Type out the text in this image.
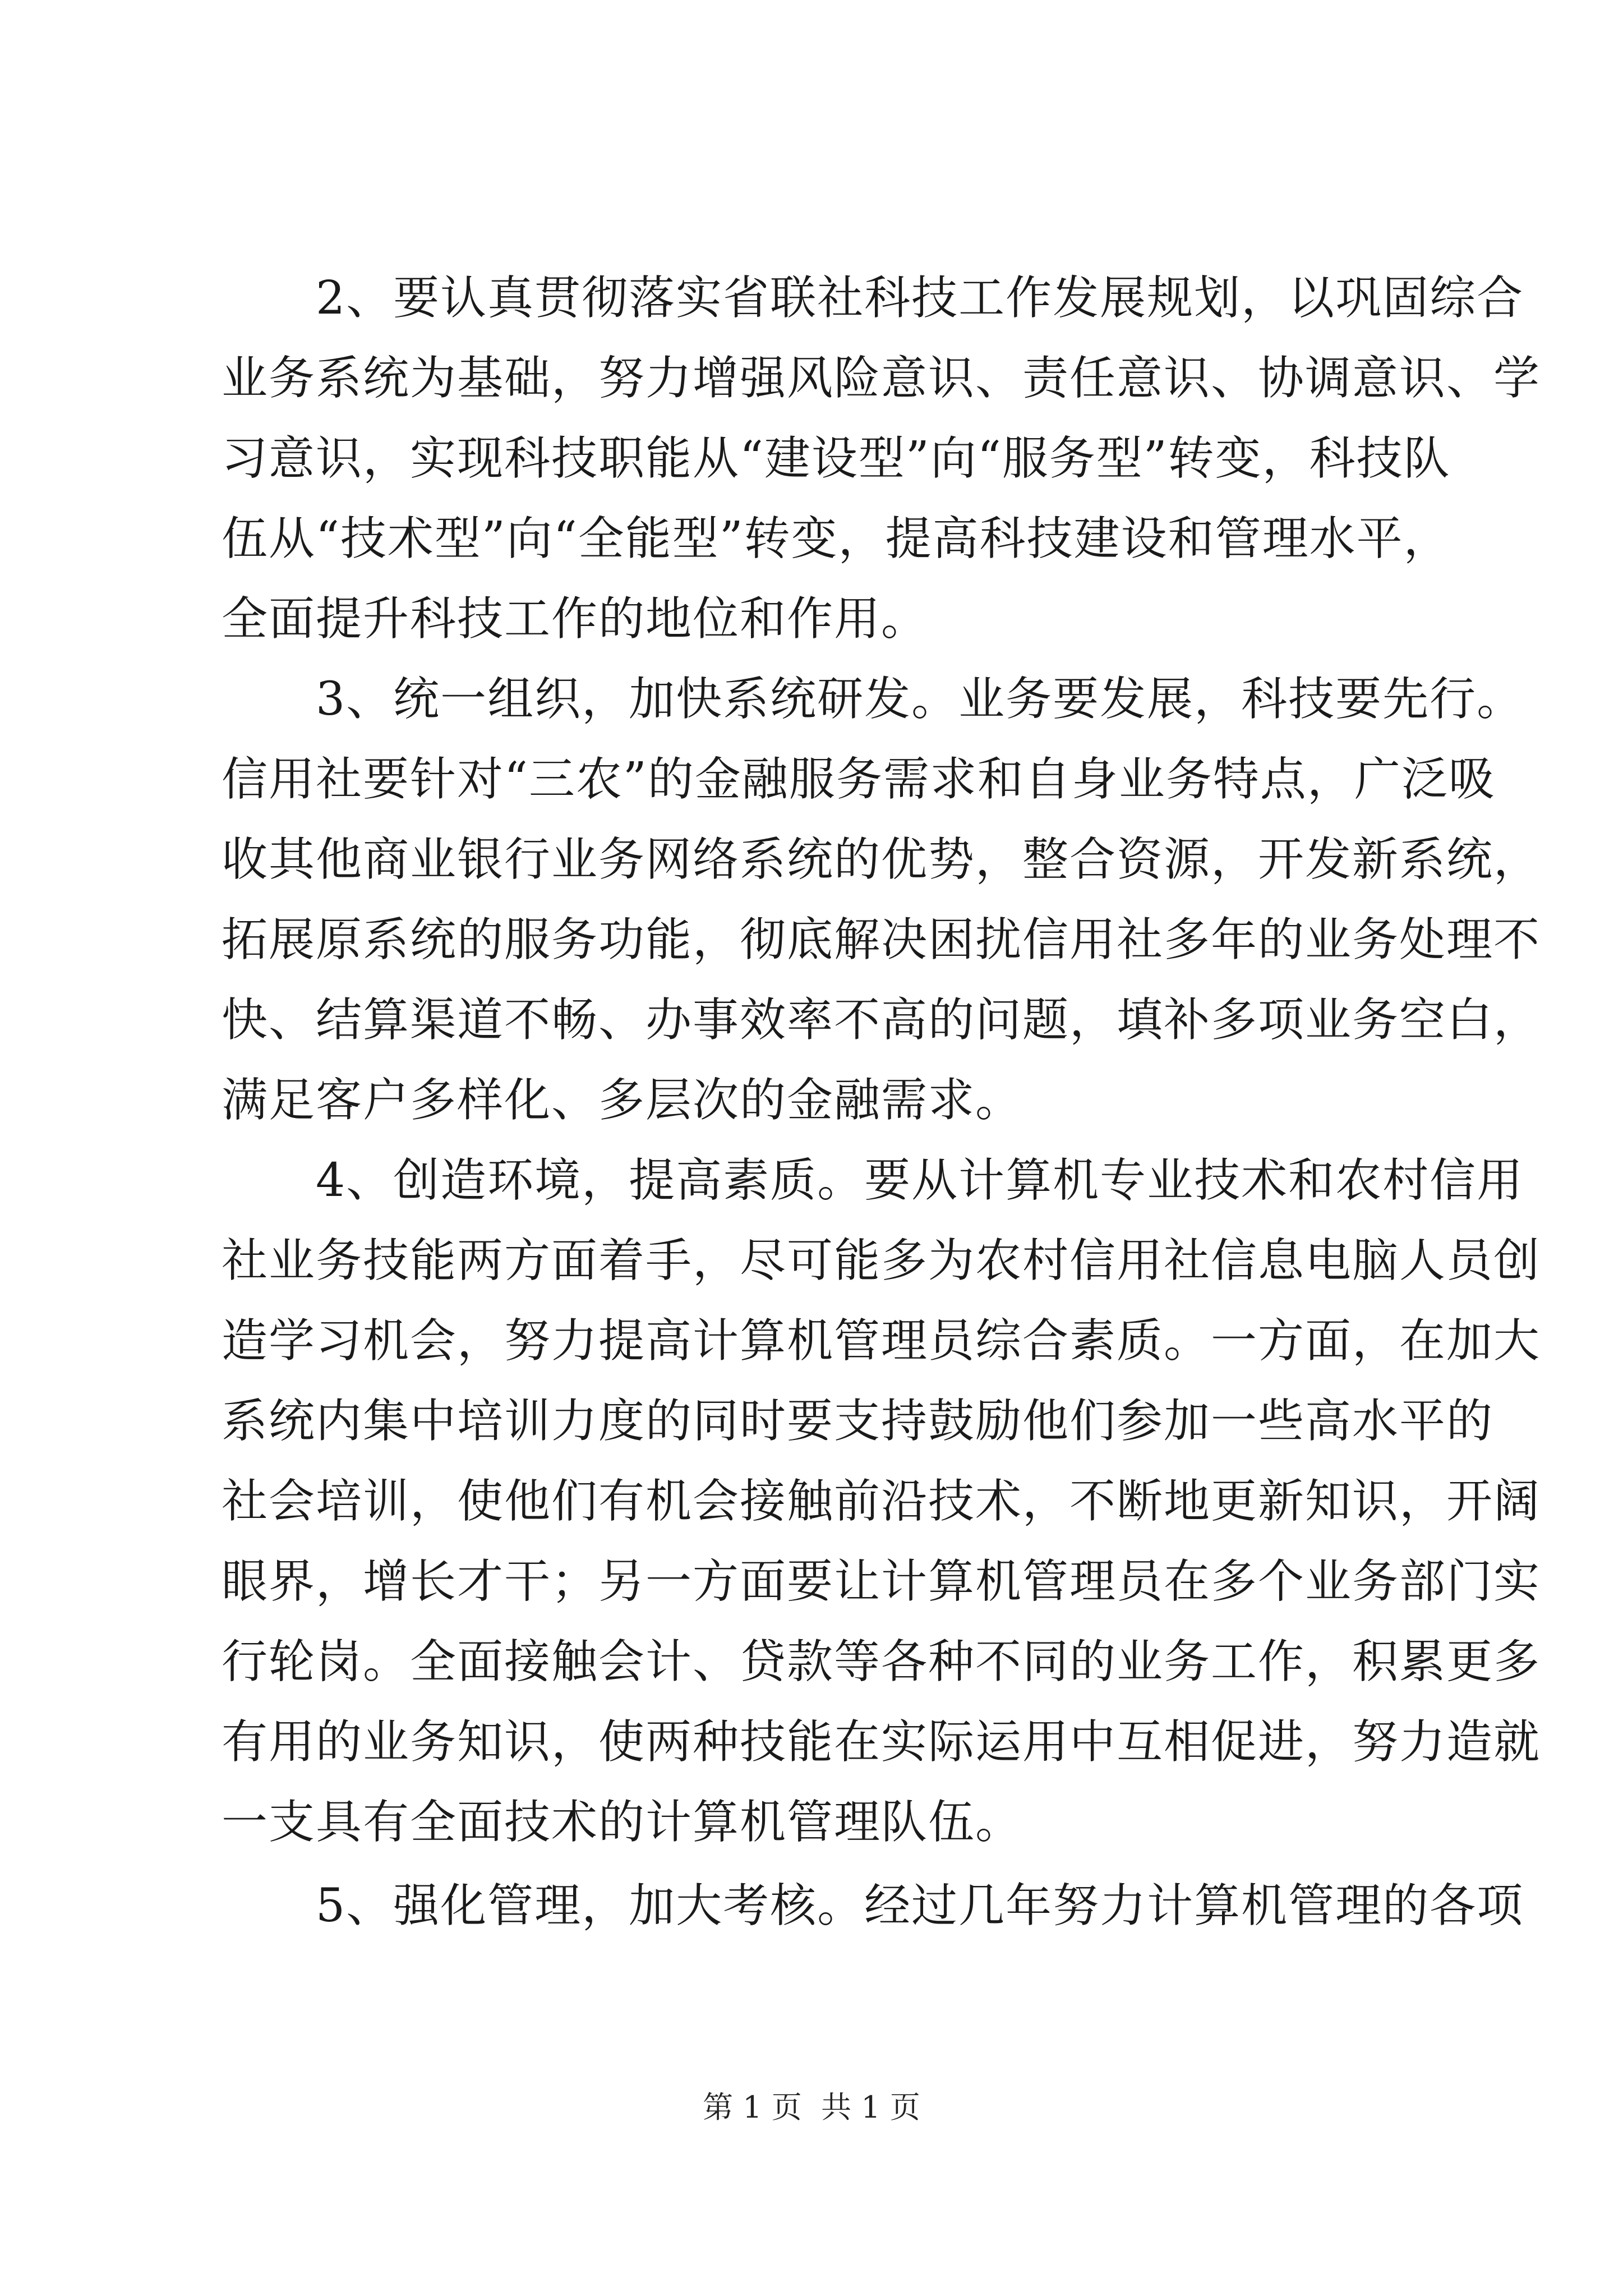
2、要认真贯彻落实省联社科技工作发展规划，以巩固综合
业务系统为基础，努力增强风险意识、责任意识、协调意识、学
习意识，实现科技职能从“建设型”向“服务型”转变，科技队
伍从“技术型”向“全能型”转变，提高科技建设和管理水平，
全面提升科技工作的地位和作用。
3、统一组织，加快系统研发。业务要发展，科技要先行。
信用社要针对“三农”的金融服务需求和自身业务特点，广泛吸
收其他商业银行业务网络系统的优势，整合资源，开发新系统，
拓展原系统的服务功能，彻底解决困扰信用社多年的业务处理不
快、结算渠道不畅、办事效率不高的问题，填补多项业务空白，
满足客户多样化、多层次的金融需求。
4、创造环境，提高素质。要从计算机专业技术和农村信用
社业务技能两方面着手，尽可能多为农村信用社信息电脑人员创
造学习机会，努力提高计算机管理员综合素质。一方面，在加大
系统内集中培训力度的同时要支持鼓励他们参加一些高水平的
社会培训，使他们有机会接触前沿技术，不断地更新知识，开阔
眼界，增长才干；另一方面要让计算机管理员在多个业务部门实
行轮岗。全面接触会计、贷款等各种不同的业务工作，积累更多
有用的业务知识，使两种技能在实际运用中互相促进，努力造就
一支具有全面技术的计算机管理队伍。
5、强化管理，加大考核。经过几年努力计算机管理的各项
第 1 页  共 1 页
